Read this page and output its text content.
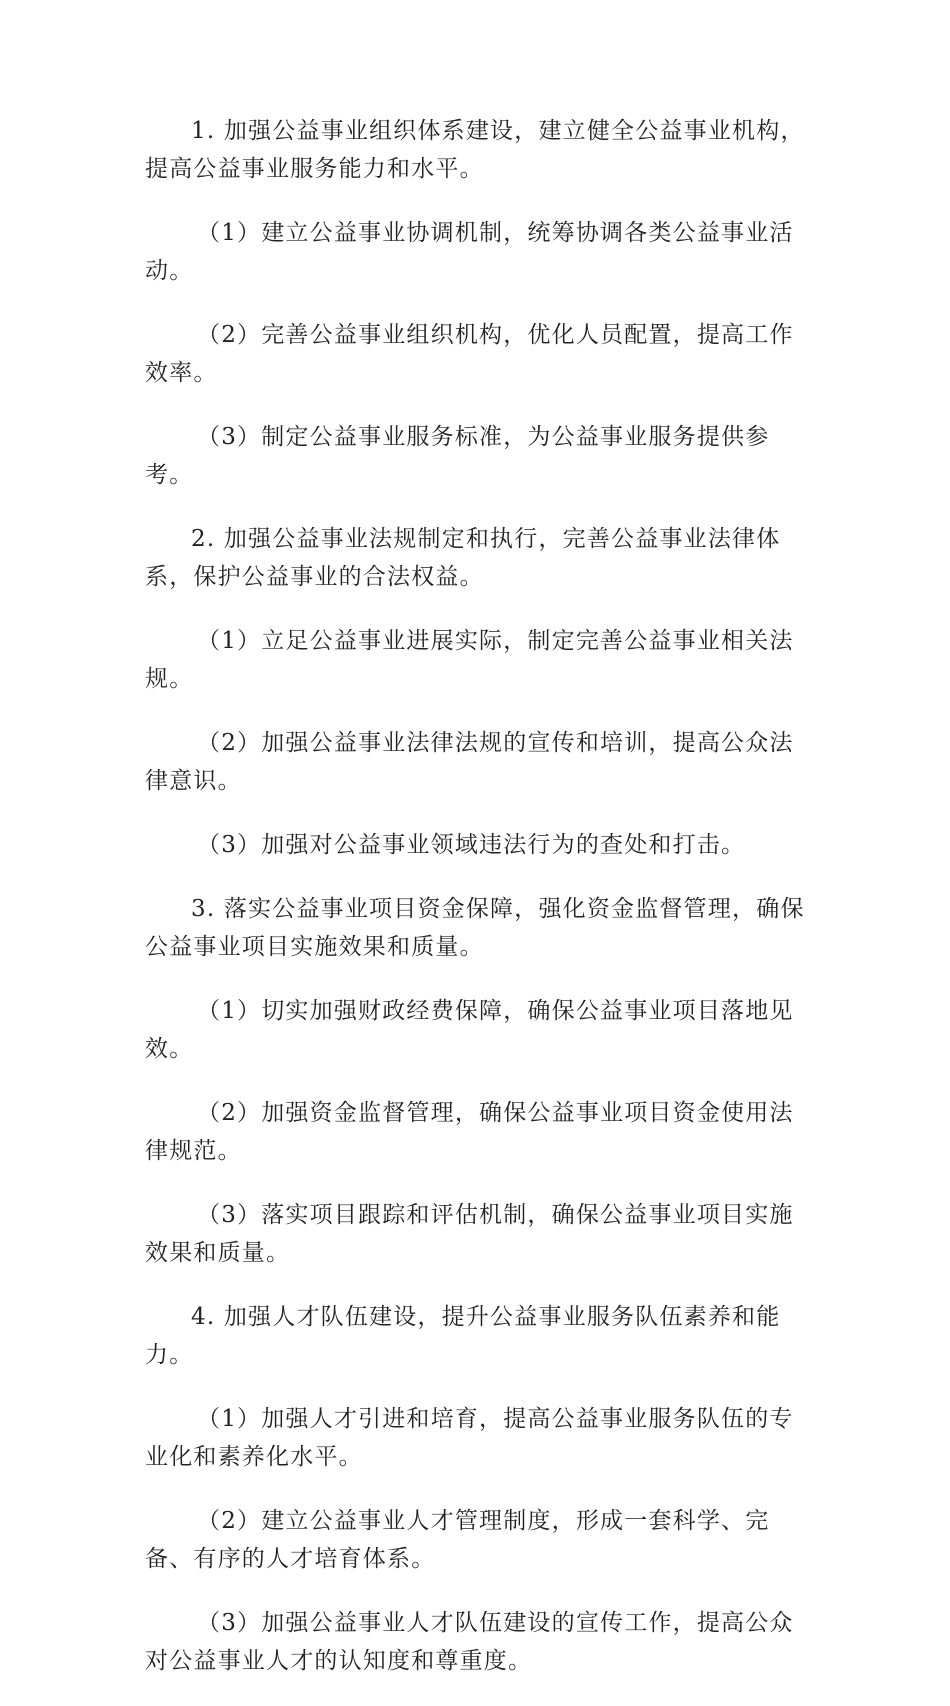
1. 加强公益事业组织体系建设，建立健全公益事业机构，提高公益事业服务能力和水平。

（1）建立公益事业协调机制，统筹协调各类公益事业活动。

（2）完善公益事业组织机构，优化人员配置，提高工作效率。

（3）制定公益事业服务标准，为公益事业服务提供参考。

2. 加强公益事业法规制定和执行，完善公益事业法律体系，保护公益事业的合法权益。

（1）立足公益事业进展实际，制定完善公益事业相关法规。

（2）加强公益事业法律法规的宣传和培训，提高公众法律意识。

（3）加强对公益事业领域违法行为的查处和打击。

3. 落实公益事业项目资金保障，强化资金监督管理，确保公益事业项目实施效果和质量。

（1）切实加强财政经费保障，确保公益事业项目落地见效。

（2）加强资金监督管理，确保公益事业项目资金使用法律规范。

（3）落实项目跟踪和评估机制，确保公益事业项目实施效果和质量。

4. 加强人才队伍建设，提升公益事业服务队伍素养和能力。

（1）加强人才引进和培育，提高公益事业服务队伍的专业化和素养化水平。

（2）建立公益事业人才管理制度，形成一套科学、完备、有序的人才培育体系。

（3）加强公益事业人才队伍建设的宣传工作，提高公众对公益事业人才的认知度和尊重度。
